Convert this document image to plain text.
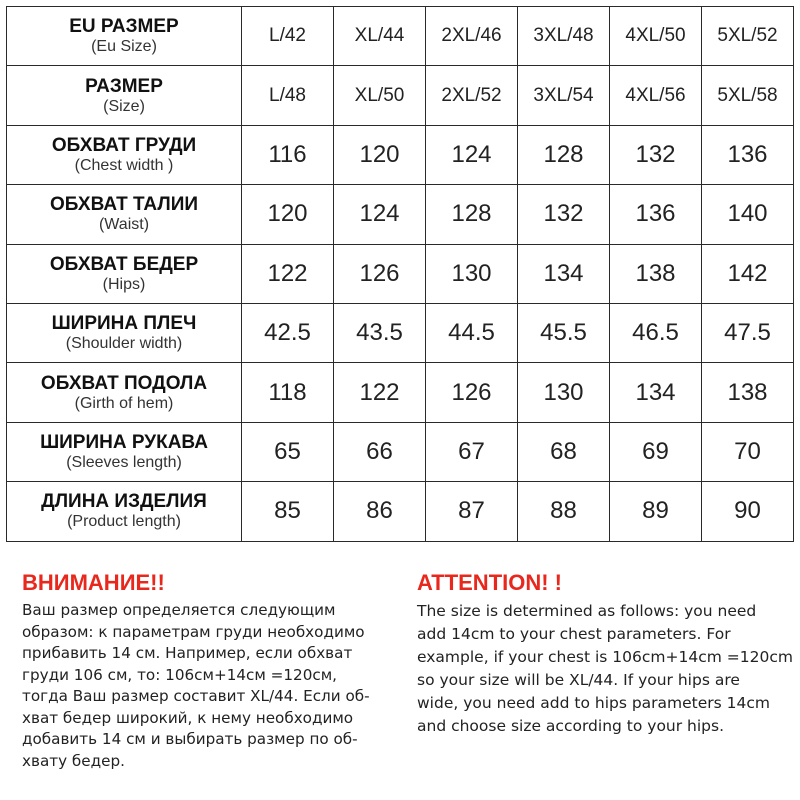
EU РАЗМЕР
(Eu Size)	L/42	XL/44	2XL/46	3XL/48	4XL/50	5XL/52

РАЗМЕР
(Size)	L/48	XL/50	2XL/52	3XL/54	4XL/56	5XL/58

ОБХВАТ ГРУДИ
(Chest width )	116	120	124	128	132	136

ОБХВАТ ТАЛИИ
(Waist)	120	124	128	132	136	140

ОБХВАТ БЕДЕР
(Hips)	122	126	130	134	138	142

ШИРИНА ПЛЕЧ
(Shoulder width)	42.5	43.5	44.5	45.5	46.5	47.5

ОБХВАТ ПОДОЛА
(Girth of hem)	118	122	126	130	134	138

ШИРИНА РУКАВА
(Sleeves length)	65	66	67	68	69	70

ДЛИНА ИЗДЕЛИЯ
(Product length)	85	86	87	88	89	90
ВНИМАНИЕ!!
Ваш размер определяется следующим
образом: к параметрам груди необходимо
прибавить 14 см. Например, если обхват
груди 106 см, то: 106см+14см =120см,
тогда Ваш размер составит XL/44. Если об-
хват бедер широкий, к нему необходимо
добавить 14 см и выбирать размер по об-
хвату бедер.
ATTENTION! !
The size is determined as follows: you need
add 14cm to your chest parameters. For
example, if your chest is 106cm+14cm =120cm
so your size will be XL/44. If your hips are
wide, you need add to hips parameters 14cm
and choose size according to your hips.
